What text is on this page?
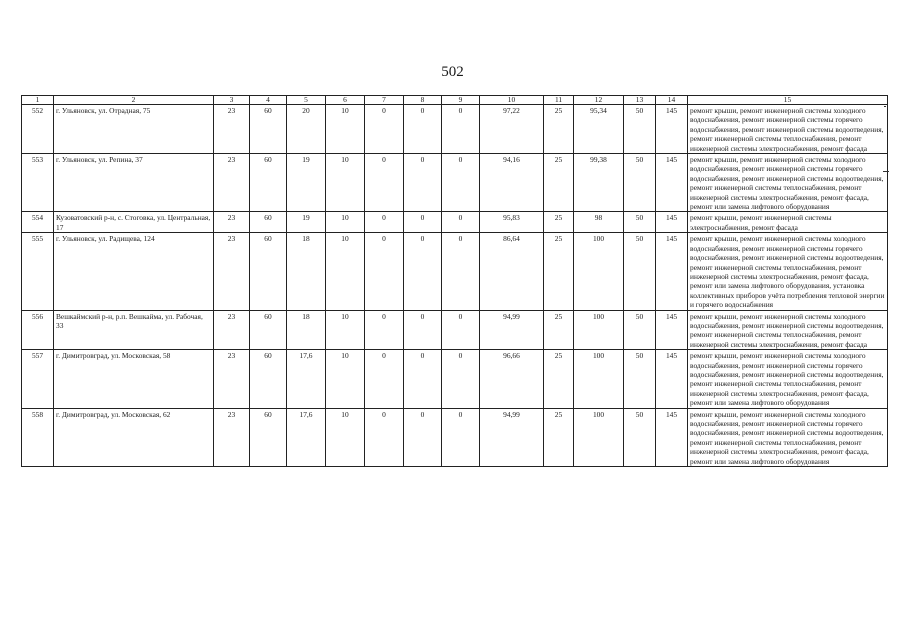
502
1	2	3	4	5	6	7	8	9	10	11	12	13	14	15
552	г. Ульяновск, ул. Отрадная, 75	23	60	20	10	0	0	0	97,22	25	95,34	50	145	ремонт крыши, ремонт инженерной системы холодного водоснабжения, ремонт инженерной системы горячего водоснабжения, ремонт инженерной системы водоотведения, ремонт инженерной системы теплоснабжения, ремонт инженерной системы электроснабжения, ремонт фасада
553	г. Ульяновск, ул. Репина, 37	23	60	19	10	0	0	0	94,16	25	99,38	50	145	ремонт крыши, ремонт инженерной системы холодного водоснабжения, ремонт инженерной системы горячего водоснабжения, ремонт инженерной системы водоотведения, ремонт инженерной системы теплоснабжения, ремонт инженерной системы электроснабжения, ремонт фасада, ремонт или замена лифтового оборудования
554	Кузоватовский р-н, с. Стоговка, ул. Центральная, 17	23	60	19	10	0	0	0	95,83	25	98	50	145	ремонт крыши, ремонт инженерной системы электроснабжения, ремонт фасада
555	г. Ульяновск, ул. Радищева, 124	23	60	18	10	0	0	0	86,64	25	100	50	145	ремонт крыши, ремонт инженерной системы холодного водоснабжения, ремонт инженерной системы горячего водоснабжения, ремонт инженерной системы водоотведения, ремонт инженерной системы теплоснабжения, ремонт инженерной системы электроснабжения, ремонт фасада, ремонт или замена лифтового оборудования, установка коллективных приборов учёта потребления тепловой энергии и горячего водоснабжения
556	Вешкаймский р-н, р.п. Вешкайма, ул. Рабочая, 33	23	60	18	10	0	0	0	94,99	25	100	50	145	ремонт крыши, ремонт инженерной системы холодного водоснабжения, ремонт инженерной системы водоотведения, ремонт инженерной системы теплоснабжения, ремонт инженерной системы электроснабжения, ремонт фасада
557	г. Димитровград, ул. Московская, 58	23	60	17,6	10	0	0	0	96,66	25	100	50	145	ремонт крыши, ремонт инженерной системы холодного водоснабжения, ремонт инженерной системы горячего водоснабжения, ремонт инженерной системы водоотведения, ремонт инженерной системы теплоснабжения, ремонт инженерной системы электроснабжения, ремонт фасада, ремонт или замена лифтового оборудования
558	г. Димитровград, ул. Московская, 62	23	60	17,6	10	0	0	0	94,99	25	100	50	145	ремонт крыши, ремонт инженерной системы холодного водоснабжения, ремонт инженерной системы горячего водоснабжения, ремонт инженерной системы водоотведения, ремонт инженерной системы теплоснабжения, ремонт инженерной системы электроснабжения, ремонт фасада, ремонт или замена лифтового оборудования
